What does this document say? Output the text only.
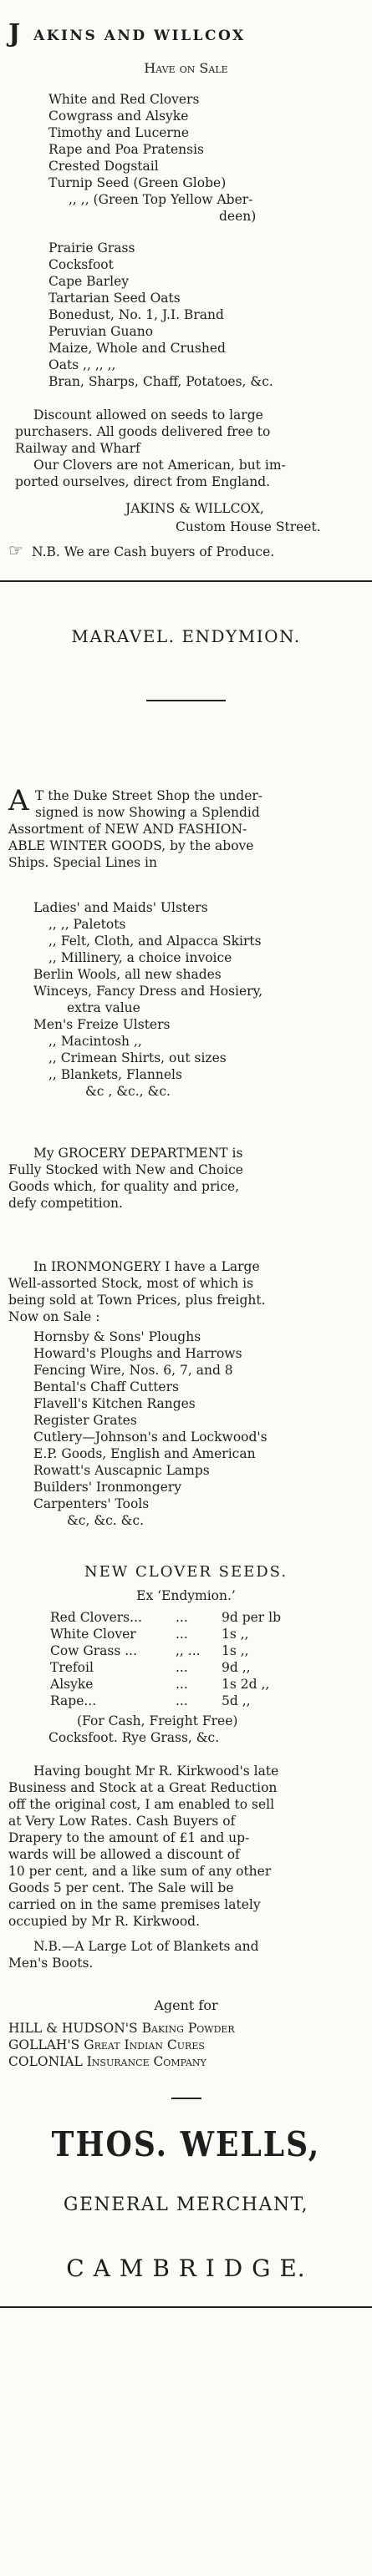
J AKINS AND WILLCOX
Have on Sale
White and Red Clovers
Cowgrass and Alsyke
Timothy and Lucerne
Rape and Poa Pratensis
Crested Dogstail
Turnip Seed (Green Globe)
,, ,, (Green Top Yellow Aber-
deen)
Prairie Grass
Cocksfoot
Cape Barley
Tartarian Seed Oats
Bonedust, No. 1, J.I. Brand
Peruvian Guano
Maize, Whole and Crushed
Oats ,, ,, ,,
Bran, Sharps, Chaff, Potatoes, &c.
Discount allowed on seeds to large
purchasers. All goods delivered free to
Railway and Wharf
Our Clovers are not American, but im-
ported ourselves, direct from England.
JAKINS & WILLCOX,
Custom House Street.
☞ N.B. We are Cash buyers of Produce.
MARAVEL. ENDYMION.
A T the Duke Street Shop the under-
signed is now Showing a Splendid
Assortment of NEW AND FASHION-
ABLE WINTER GOODS, by the above
Ships. Special Lines in
Ladies' and Maids' Ulsters
,, ,, Paletots
,, Felt, Cloth, and Alpacca Skirts
,, Millinery, a choice invoice
Berlin Wools, all new shades
Winceys, Fancy Dress and Hosiery,
extra value
Men's Freize Ulsters
,, Macintosh ,,
,, Crimean Shirts, out sizes
,, Blankets, Flannels
&c , &c., &c.
My GROCERY DEPARTMENT is
Fully Stocked with New and Choice
Goods which, for quality and price,
defy competition.
In IRONMONGERY I have a Large
Well-assorted Stock, most of which is
being sold at Town Prices, plus freight.
Now on Sale :
Hornsby & Sons' Ploughs
Howard's Ploughs and Harrows
Fencing Wire, Nos. 6, 7, and 8
Bental's Chaff Cutters
Flavell's Kitchen Ranges
Register Grates
Cutlery—Johnson's and Lockwood's
E.P. Goods, English and American
Rowatt's Auscapnic Lamps
Builders' Ironmongery
Carpenters' Tools
&c, &c. &c.
NEW CLOVER SEEDS.
Ex ‘Endymion.’
Red Clovers...	...	9d per lb
White Clover	...	1s ,,
Cow Grass ...	,, ... 1s ,,
Trefoil	...	9d ,,
Alsyke	...	1s 2d ,,
Rape...	...	5d ,,
(For Cash, Freight Free)
Cocksfoot. Rye Grass, &c.
Having bought Mr R. Kirkwood's late
Business and Stock at a Great Reduction
off the original cost, I am enabled to sell
at Very Low Rates. Cash Buyers of
Drapery to the amount of £1 and up-
wards will be allowed a discount of
10 per cent, and a like sum of any other
Goods 5 per cent. The Sale will be
carried on in the same premises lately
occupied by Mr R. Kirkwood.
N.B.—A Large Lot of Blankets and
Men's Boots.
Agent for
HILL & HUDSON'S Baking Powder
GOLLAH'S Great Indian Cures
COLONIAL Insurance Company
THOS. WELLS,
GENERAL MERCHANT,
C A M B R I D G E.
